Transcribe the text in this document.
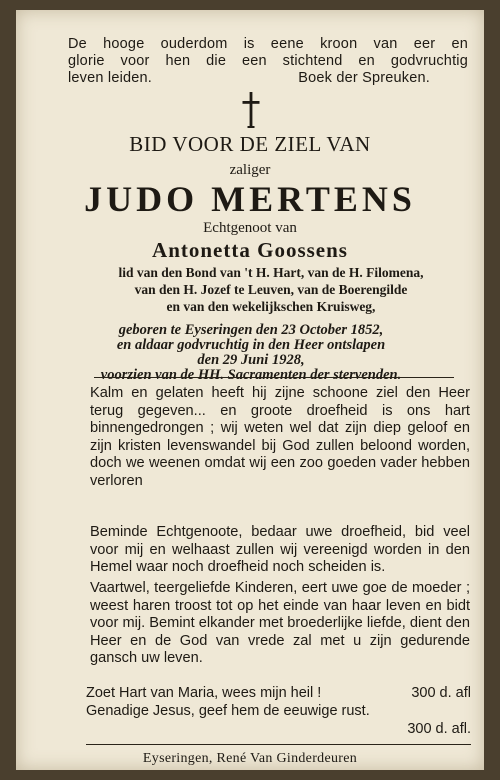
De hooge ouderdom is eene kroon van eer en
glorie voor hen die een stichtend en godvruchtig
leven leiden.	Boek der Spreuken.
BID VOOR DE ZIEL VAN
zaliger
JUDO MERTENS
Echtgenoot van
Antonetta Goossens
lid van den Bond van 't H. Hart, van de H. Filomena,
van den H. Jozef te Leuven, van de Boerengilde
en van den wekelijkschen Kruisweg,
geboren te Eyseringen den 23 October 1852,
en aldaar godvruchtig in den Heer ontslapen
den 29 Juni 1928,
voorzien van de HH. Sacramenten der stervenden.
Kalm en gelaten heeft hij zijne schoone ziel den Heer terug gegeven... en groote droefheid is ons hart binnengedrongen ; wij weten wel dat zijn diep geloof en zijn kristen levenswandel bij God zullen beloond worden, doch we weenen omdat wij een zoo goeden vader hebben verloren
Beminde Echtgenoote, bedaar uwe droefheid, bid veel voor mij en welhaast zullen wij vereenigd worden in den Hemel waar noch droefheid noch scheiden is.
Vaartwel, teergeliefde Kinderen, eert uwe goe de moeder ; weest haren troost tot op het einde van haar leven en bidt voor mij. Bemint elkander met broederlijke liefde, dient den Heer en de God van vrede zal met u zijn gedurende gansch uw leven.
Zoet Hart van Maria, wees mijn heil !	300 d. afl
Genadige Jesus, geef hem de eeuwige rust.
300 d. afl.
Eyseringen, René Van Ginderdeuren
